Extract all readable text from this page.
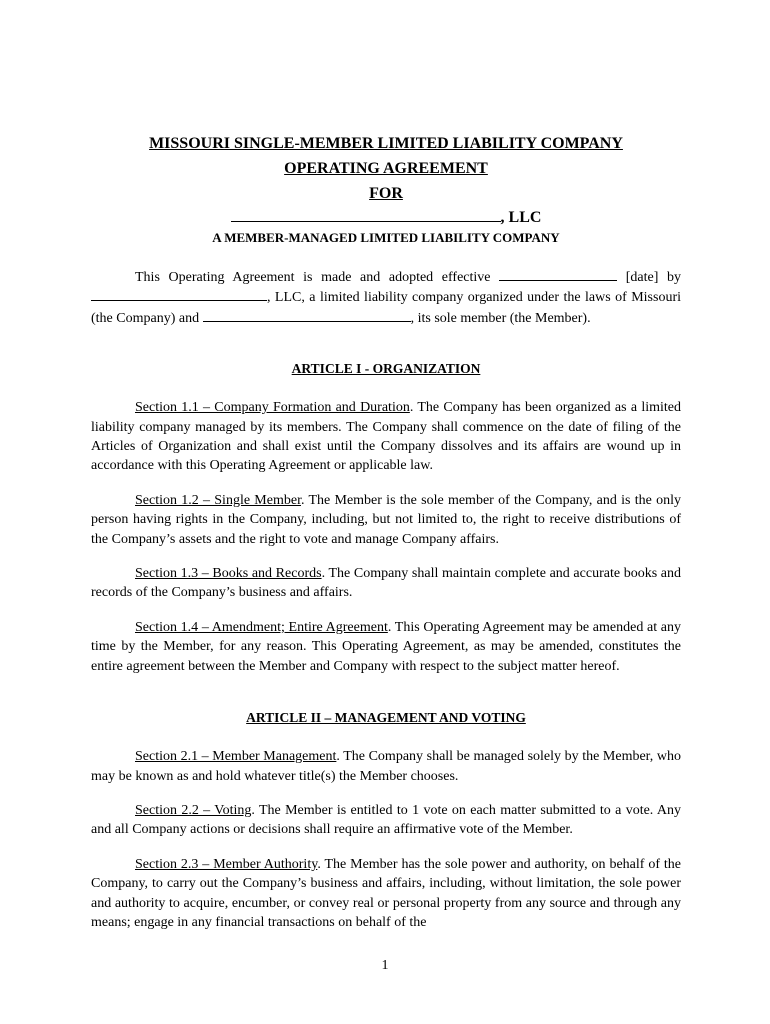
MISSOURI SINGLE-MEMBER LIMITED LIABILITY COMPANY
OPERATING AGREEMENT
FOR
, LLC
A MEMBER-MANAGED LIMITED LIABILITY COMPANY

This Operating Agreement is made and adopted effective	[date] by , LLC, a limited liability company organized under the laws of Missouri (the Company) and	, its sole member (the Member).

ARTICLE I - ORGANIZATION

Section 1.1 – Company Formation and Duration. The Company has been organized as a limited liability company managed by its members. The Company shall commence on the date of filing of the Articles of Organization and shall exist until the Company dissolves and its affairs are wound up in accordance with this Operating Agreement or applicable law.

Section 1.2 – Single Member. The Member is the sole member of the Company, and is the only person having rights in the Company, including, but not limited to, the right to receive distributions of the Company’s assets and the right to vote and manage Company affairs.

Section 1.3 – Books and Records. The Company shall maintain complete and accurate books and records of the Company’s business and affairs.

Section 1.4 – Amendment; Entire Agreement. This Operating Agreement may be amended at any time by the Member, for any reason. This Operating Agreement, as may be amended, constitutes the entire agreement between the Member and Company with respect to the subject matter hereof.

ARTICLE II – MANAGEMENT AND VOTING

Section 2.1 – Member Management. The Company shall be managed solely by the Member, who may be known as and hold whatever title(s) the Member chooses.

Section 2.2 – Voting. The Member is entitled to 1 vote on each matter submitted to a vote. Any and all Company actions or decisions shall require an affirmative vote of the Member.

Section 2.3 – Member Authority. The Member has the sole power and authority, on behalf of the Company, to carry out the Company’s business and affairs, including, without limitation, the sole power and authority to acquire, encumber, or convey real or personal property from any source and through any means; engage in any financial transactions on behalf of the

1
